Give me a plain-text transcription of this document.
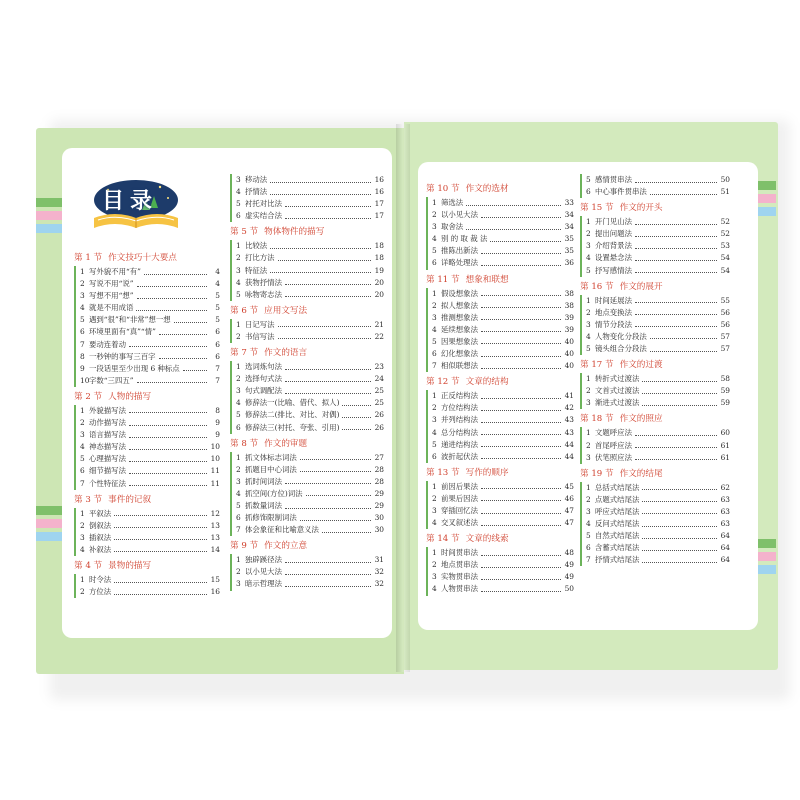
目录
第 1 节 作文技巧十大要点
1 写外貌不用“有”	4
2 写说不用“说”	4
3 写想不用“想”	5
4 就是不用成语	5
5 遇到“很”和“非常”想一想	5
6 环境里面有“真”“情”	6
7 要动连着动	6
8 一秒钟的事写三百字	6
9 一段话里至少出现 6 种标点	7
10 字数“三四五”	7
第 2 节 人物的描写
1 外貌描写法	8
2 动作描写法	9
3 语言描写法	9
4 神态描写法	10
5 心理描写法	10
6 细节描写法	11
7 个性特征法	11
第 3 节 事件的记叙
1 平叙法	12
2 倒叙法	13
3 插叙法	13
4 补叙法	14
第 4 节 景物的描写
1 时令法	15
2 方位法	16
3 移动法	16
4 抒情法	16
5 衬托对比法	17
6 虚实结合法	17
第 5 节 物体物件的描写
1 比较法	18
2 打比方法	18
3 特征法	19
4 获物抒情法	20
5 咏物寄志法	20
第 6 节 应用文写法
1 日记写法	21
2 书信写法	22
第 7 节 作文的语言
1 选词炼句法	23
2 选择句式法	24
3 句式调配法	25
4 修辞法一(比喻、借代、拟人)	25
5 修辞法二(排比、对比、对偶)	26
6 修辞法三(衬托、夸张、引用)	26
第 8 节 作文的审题
1 抓文体标志词法	27
2 抓题目中心词法	28
3 抓时间词法	28
4 抓空间(方位)词法	29
5 抓数量词法	29
6 抓修饰限制词法	30
7 体会象征和比喻意义法	30
第 9 节 作文的立意
1 独辟蹊径法	31
2 以小见大法	32
3 暗示哲理法	32
第 10 节 作文的选材
1 筛选法	33
2 以小见大法	34
3 取舍法	34
4 别 的 取 裁 法	35
5 推陈出新法	35
6 详略处理法	36
第 11 节 想象和联想
1 假设想象法	38
2 拟人想象法	38
3 推测想象法	39
4 延续想象法	39
5 因果想象法	40
6 幻化想象法	40
7 相似联想法	40
第 12 节 文章的结构
1 正反结构法	41
2 方位结构法	42
3 并列结构法	43
4 总分结构法	43
5 递进结构法	44
6 波折起伏法	44
第 13 节 写作的顺序
1 前因后果法	45
2 前果后因法	46
3 穿插回忆法	47
4 交叉叙述法	47
第 14 节 文章的线索
1 时间贯串法	48
2 地点贯串法	49
3 实物贯串法	49
4 人物贯串法	50
5 感情贯串法	50
6 中心事件贯串法	51
第 15 节 作文的开头
1 开门见山法	52
2 提出问题法	52
3 介绍背景法	53
4 设置悬念法	54
5 抒写感情法	54
第 16 节 作文的展开
1 时间延展法	55
2 地点变换法	56
3 情节分段法	56
4 人物变化分段法	57
5 镜头组合分段法	57
第 17 节 作文的过渡
1 转折式过渡法	58
2 文首式过渡法	59
3 渐进式过渡法	59
第 18 节 作文的照应
1 文题呼应法	60
2 首尾呼应法	61
3 伏笔照应法	61
第 19 节 作文的结尾
1 总括式结尾法	62
2 点题式结尾法	63
3 呼应式结尾法	63
4 反问式结尾法	63
5 自然式结尾法	64
6 含蓄式结尾法	64
7 抒情式结尾法	64
